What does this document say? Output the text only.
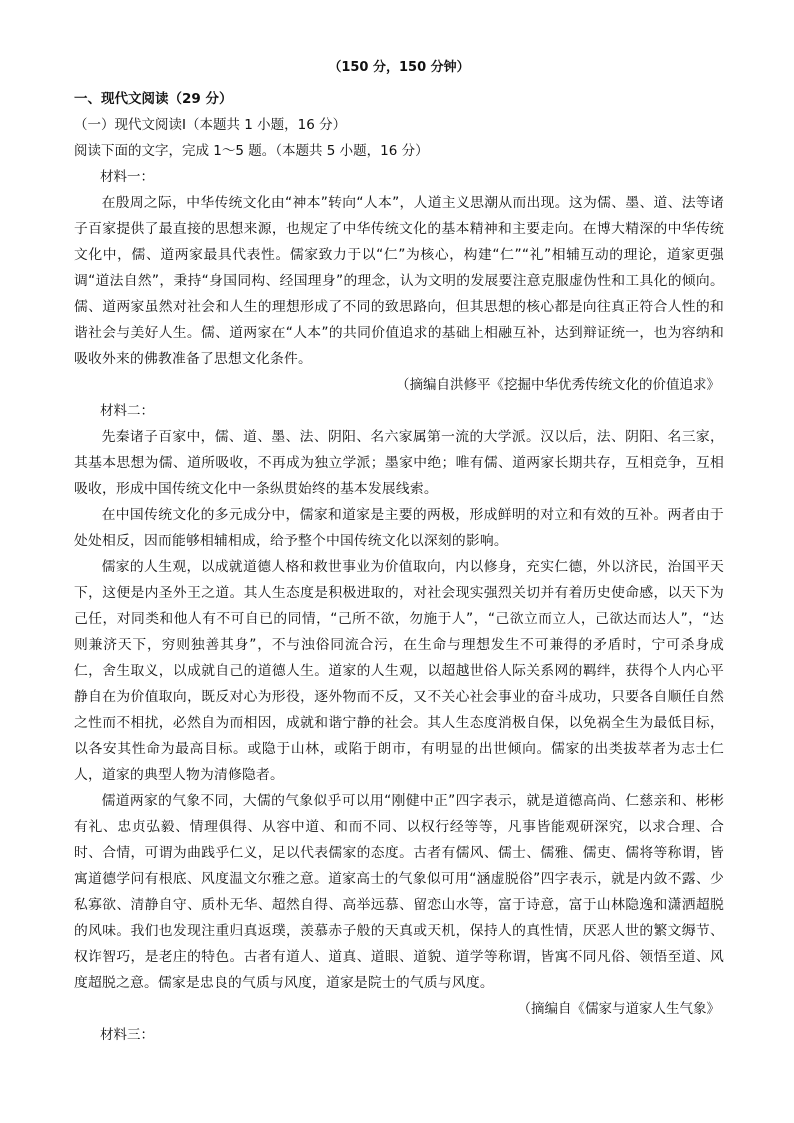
（150 分，150 分钟）
一、现代文阅读（29 分）
（一）现代文阅读Ⅰ（本题共 1 小题，16 分）
阅读下面的文字，完成 1～5 题。（本题共 5 小题，16 分）
材料一：

在殷周之际，中华传统文化由“神本”转向“人本”，人道主义思潮从而出现。这为儒、墨、道、法等诸子百家提供了最直接的思想来源，也规定了中华传统文化的基本精神和主要走向。在博大精深的中华传统文化中，儒、道两家最具代表性。儒家致力于以“仁”为核心，构建“仁”“礼”相辅互动的理论，道家更强调“道法自然”，秉持“身国同构、经国理身”的理念，认为文明的发展要注意克服虚伪性和工具化的倾向。儒、道两家虽然对社会和人生的理想形成了不同的致思路向，但其思想的核心都是向往真正符合人性的和谐社会与美好人生。儒、道两家在“人本”的共同价值追求的基础上相融互补，达到辩证统一，也为容纳和吸收外来的佛教准备了思想文化条件。

（摘编自洪修平《挖掘中华优秀传统文化的价值追求》
材料二：

先秦诸子百家中，儒、道、墨、法、阴阳、名六家属第一流的大学派。汉以后，法、阴阳、名三家，其基本思想为儒、道所吸收，不再成为独立学派；墨家中绝；唯有儒、道两家长期共存，互相竞争，互相吸收，形成中国传统文化中一条纵贯始终的基本发展线索。

在中国传统文化的多元成分中，儒家和道家是主要的两极，形成鲜明的对立和有效的互补。两者由于处处相反，因而能够相辅相成，给予整个中国传统文化以深刻的影响。

儒家的人生观，以成就道德人格和救世事业为价值取向，内以修身，充实仁德，外以济民，治国平天下，这便是内圣外王之道。其人生态度是积极进取的，对社会现实强烈关切并有着历史使命感，以天下为己任，对同类和他人有不可自已的同情，“己所不欲，勿施于人”，“己欲立而立人，己欲达而达人”，“达则兼济天下，穷则独善其身”，不与浊俗同流合污，在生命与理想发生不可兼得的矛盾时，宁可杀身成仁，舍生取义，以成就自己的道德人生。道家的人生观，以超越世俗人际关系网的羁绊，获得个人内心平静自在为价值取向，既反对心为形役，逐外物而不反，又不关心社会事业的奋斗成功，只要各自顺任自然之性而不相扰，必然自为而相因，成就和谐宁静的社会。其人生态度消极自保，以免祸全生为最低目标，以各安其性命为最高目标。或隐于山林，或陷于朗市，有明显的出世倾向。儒家的出类拔萃者为志士仁人，道家的典型人物为清修隐者。

儒道两家的气象不同，大儒的气象似乎可以用“刚健中正”四字表示，就是道德高尚、仁慈亲和、彬彬有礼、忠贞弘毅、情理俱得、从容中道、和而不同、以权行经等等，凡事皆能观研深究，以求合理、合时、合情，可谓为曲践乎仁义，足以代表儒家的态度。古者有儒风、儒士、儒雅、儒吏、儒将等称谓，皆寓道德学问有根底、风度温文尔雅之意。道家高士的气象似可用“涵虚脱俗”四字表示，就是内敛不露、少私寡欲、清静自守、质朴无华、超然自得、高举远慕、留恋山水等，富于诗意，富于山林隐逸和潇洒超脱的风味。我们也发现注重归真返璞，羡慕赤子般的天真或天机，保持人的真性情，厌恶人世的繁文缛节、权诈智巧，是老庄的特色。古者有道人、道真、道眼、道貌、道学等称谓，皆寓不同凡俗、领悟至道、风度超脱之意。儒家是忠良的气质与风度，道家是院士的气质与风度。

（摘编自《儒家与道家人生气象》
材料三：
